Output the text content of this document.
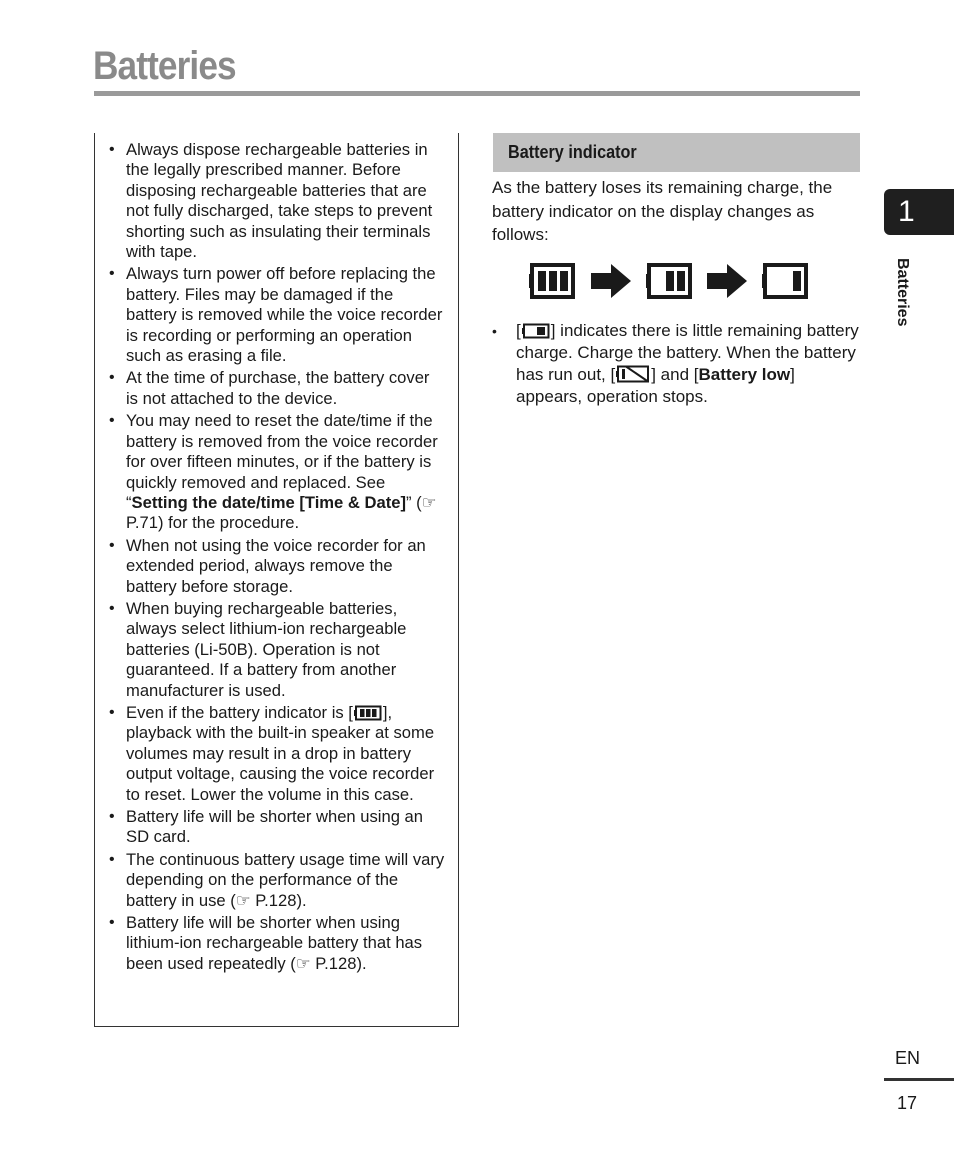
Batteries
• Always dispose rechargeable batteries in the legally prescribed manner. Before disposing rechargeable batteries that are not fully discharged, take steps to prevent shorting such as insulating their terminals with tape.
• Always turn power off before replacing the battery. Files may be damaged if the battery is removed while the voice recorder is recording or performing an operation such as erasing a file.
• At the time of purchase, the battery cover is not attached to the device.
• You may need to reset the date/time if the battery is removed from the voice recorder for over fifteen minutes, or if the battery is quickly removed and replaced. See “Setting the date/time [Time & Date]” (☞ P.71) for the procedure.
• When not using the voice recorder for an extended period, always remove the battery before storage.
• When buying rechargeable batteries, always select lithium-ion rechargeable batteries (Li-50B). Operation is not guaranteed. If a battery from another manufacturer is used.
• Even if the battery indicator is [ ], playback with the built-in speaker at some volumes may result in a drop in battery output voltage, causing the voice recorder to reset. Lower the volume in this case.
• Battery life will be shorter when using an SD card.
• The continuous battery usage time will vary depending on the performance of the battery in use (☞ P.128).
• Battery life will be shorter when using lithium-ion rechargeable battery that has been used repeatedly (☞ P.128).
Battery indicator
As the battery loses its remaining charge, the battery indicator on the display changes as follows:
• [ ] indicates there is little remaining battery charge. Charge the battery. When the battery has run out, [ ] and [Battery low] appears, operation stops.
1
Batteries
EN
17
